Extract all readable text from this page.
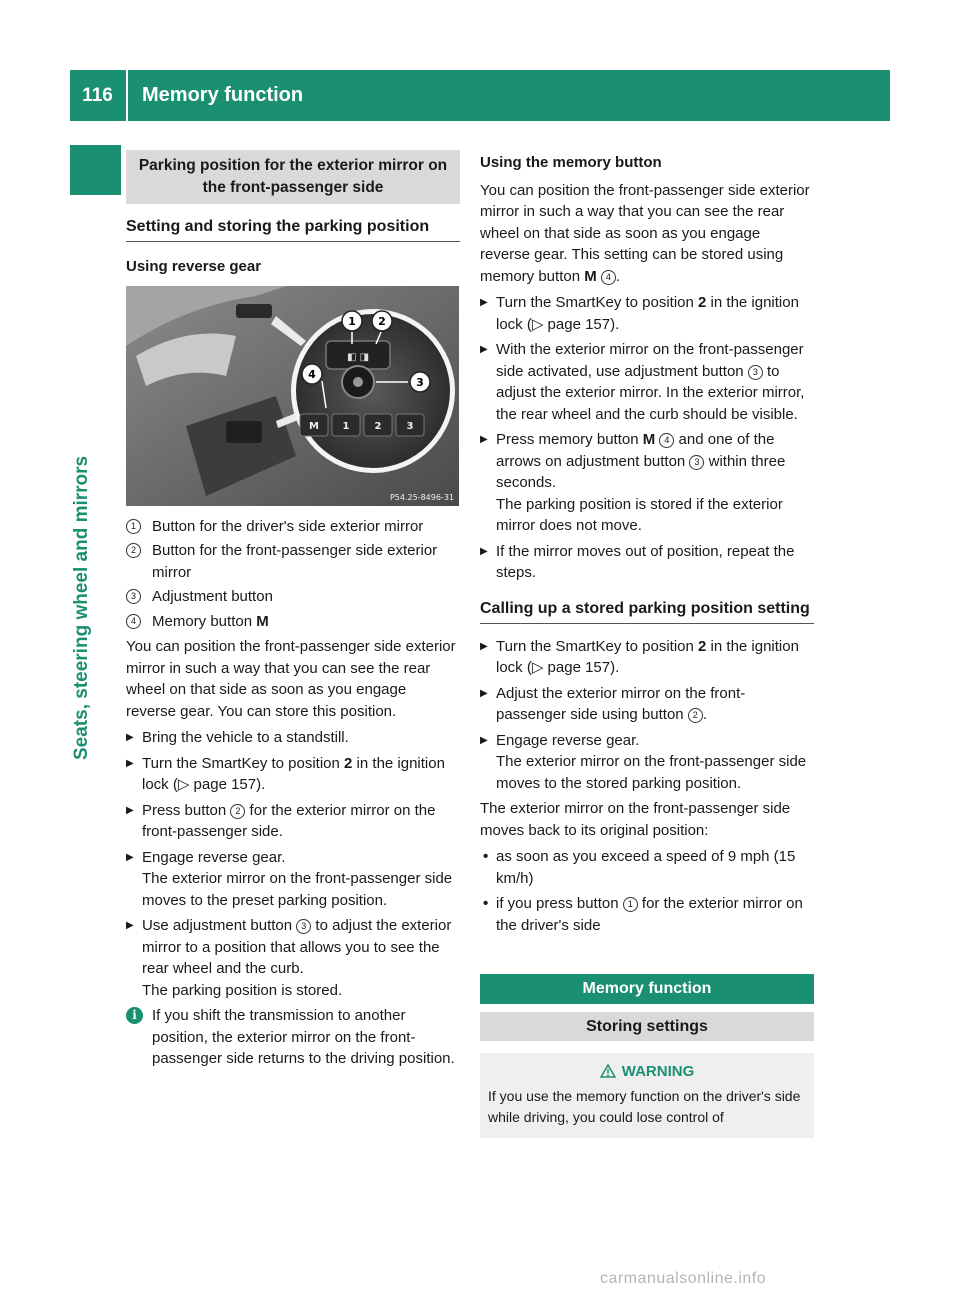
116	Memory function
Seats, steering wheel and mirrors
Parking position for the exterior mirror on the front-passenger side
Setting and storing the parking position
Using reverse gear
◧ ◨
M 1	2	3
1 2
3
4
P54.25-8496-31
1	Button for the driver's side exterior mirror
2	Button for the front-passenger side exterior mirror
3	Adjustment button
4	Memory button M

You can position the front-passenger side exterior mirror in such a way that you can see the rear wheel on that side as soon as you engage reverse gear. You can store this position.

▶ Bring the vehicle to a standstill.
▶ Turn the SmartKey to position 2 in the ignition lock (▷ page 157).
▶ Press button 2 for the exterior mirror on the front-passenger side.
▶ Engage reverse gear.
The exterior mirror on the front-passenger side moves to the preset parking position.
▶ Use adjustment button 3 to adjust the exterior mirror to a position that allows you to see the rear wheel and the curb.
The parking position is stored.
i	If you shift the transmission to another position, the exterior mirror on the front-passenger side returns to the driving position.
Using the memory button

You can position the front-passenger side exterior mirror in such a way that you can see the rear wheel on that side as soon as you engage reverse gear. This setting can be stored using memory button M 4 .

▶ Turn the SmartKey to position 2 in the ignition lock (▷ page 157).
▶ With the exterior mirror on the front-passenger side activated, use adjustment button 3 to adjust the exterior mirror. In the exterior mirror, the rear wheel and the curb should be visible.
▶ Press memory button M 4 and one of the arrows on adjustment button 3 within three seconds.
The parking position is stored if the exterior mirror does not move.
▶ If the mirror moves out of position, repeat the steps.
Calling up a stored parking position setting
▶ Turn the SmartKey to position 2 in the ignition lock (▷ page 157).
▶ Adjust the exterior mirror on the front-passenger side using button 2 .
▶ Engage reverse gear.
The exterior mirror on the front-passenger side moves to the stored parking position.

The exterior mirror on the front-passenger side moves back to its original position:

• as soon as you exceed a speed of 9 mph (15 km/h)
• if you press button 1 for the exterior mirror on the driver's side
Memory function
Storing settings
WARNING
If you use the memory function on the driver's side while driving, you could lose control of
carmanualsonline.info
